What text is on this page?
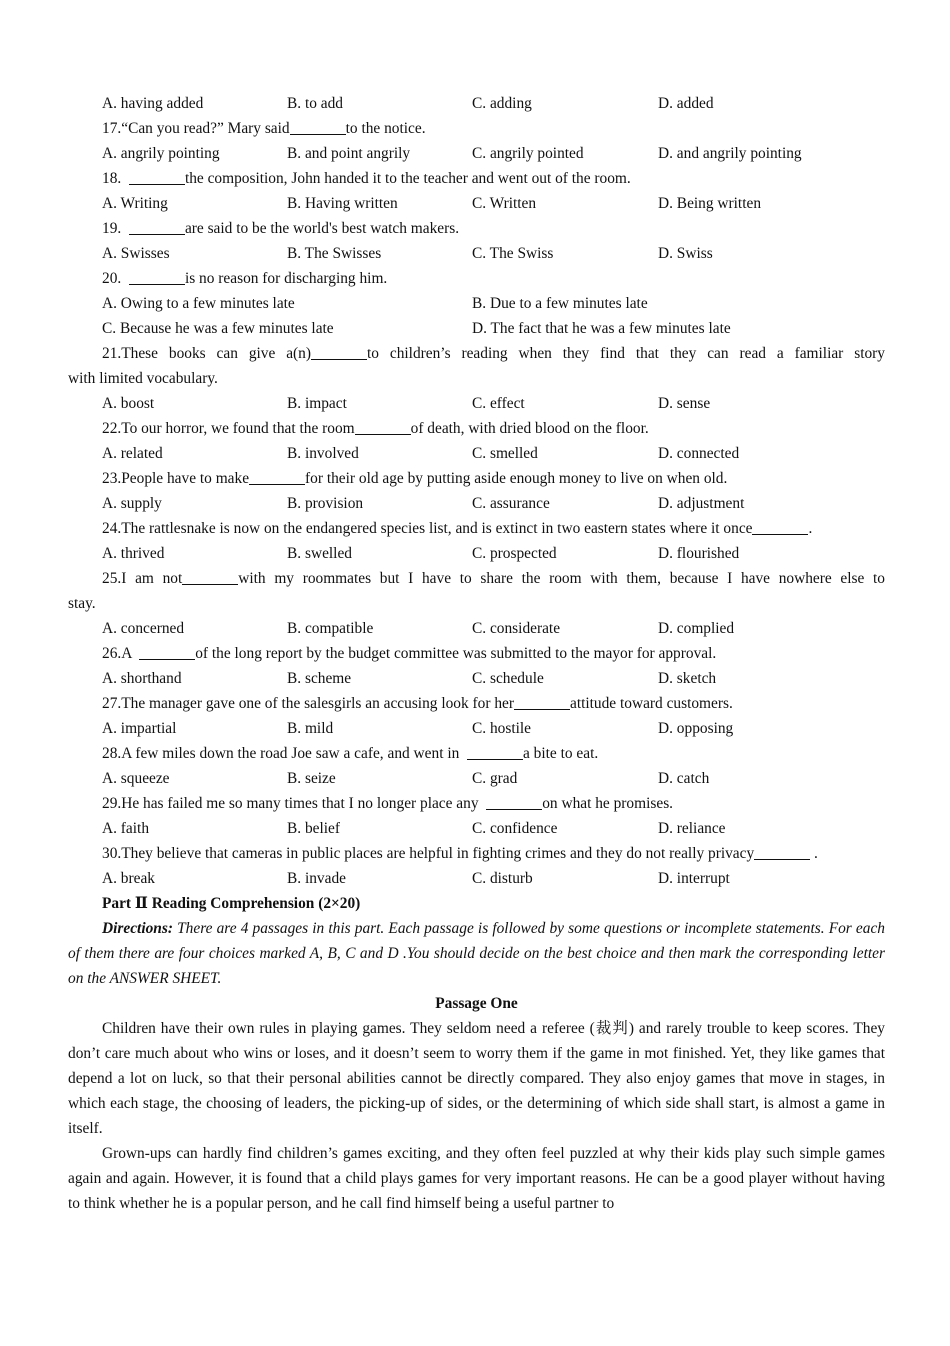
A. having added	B. to add	C. adding	D. added
17.“Can you read?” Mary said	to the notice.
A. angrily pointing	B. and point angrily	C. angrily pointed	D. and angrily pointing
18.	the composition, John handed it to the teacher and went out of the room.
A. Writing	B. Having written	C. Written	D. Being written
19.	are said to be the world's best watch makers.
A. Swisses	B. The Swisses	C. The Swiss	D. Swiss
20.	is no reason for discharging him.
A. Owing to a few minutes late	B. Due to a few minutes late
C. Because he was a few minutes late	D. The fact that he was a few minutes late
21.These books can give a(n)	to children’s reading when they find that they can read a familiar story
with limited vocabulary.
A. boost	B. impact	C. effect	D. sense
22.To our horror, we found that the room	of death, with dried blood on the floor.
A. related	B. involved	C. smelled	D. connected
23.People have to make	for their old age by putting aside enough money to live on when old.
A. supply	B. provision	C. assurance	D. adjustment
24.The rattlesnake is now on the endangered species list, and is extinct in two eastern states where it once	.
A. thrived	B. swelled	C. prospected	D. flourished
25.I am not	with my roommates but I have to share the room with them, because I have nowhere else to
stay.
A. concerned	B. compatible	C. considerate	D. complied
26.A	of the long report by the budget committee was submitted to the mayor for approval.
A. shorthand	B. scheme	C. schedule	D. sketch
27.The manager gave one of the salesgirls an accusing look for her	attitude toward customers.
A. impartial	B. mild	C. hostile	D. opposing
28.A few miles down the road Joe saw a cafe, and went in	a bite to eat.
A. squeeze	B. seize	C. grad	D. catch
29.He has failed me so many times that I no longer place any	on what he promises.
A. faith	B. belief	C. confidence	D. reliance
30.They believe that cameras in public places are helpful in fighting crimes and they do not really privacy	.
A. break	B. invade	C. disturb	D. interrupt
Part Ⅱ Reading Comprehension (2×20)
Directions: There are 4 passages in this part. Each passage is followed by some questions or incomplete statements. For each of them there are four choices marked A, B, C and D .You should decide on the best choice and then mark the corresponding letter on the ANSWER SHEET.
Passage One
Children have their own rules in playing games. They seldom need a referee (裁判) and rarely trouble to keep scores. They don’t care much about who wins or loses, and it doesn’t seem to worry them if the game in mot finished. Yet, they like games that depend a lot on luck, so that their personal abilities cannot be directly compared. They also enjoy games that move in stages, in which each stage, the choosing of leaders, the picking-up of sides, or the determining of which side shall start, is almost a game in itself.
Grown-ups can hardly find children’s games exciting, and they often feel puzzled at why their kids play such simple games again and again. However, it is found that a child plays games for very important reasons. He can be a good player without having to think whether he is a popular person, and he call find himself being a useful partner to
